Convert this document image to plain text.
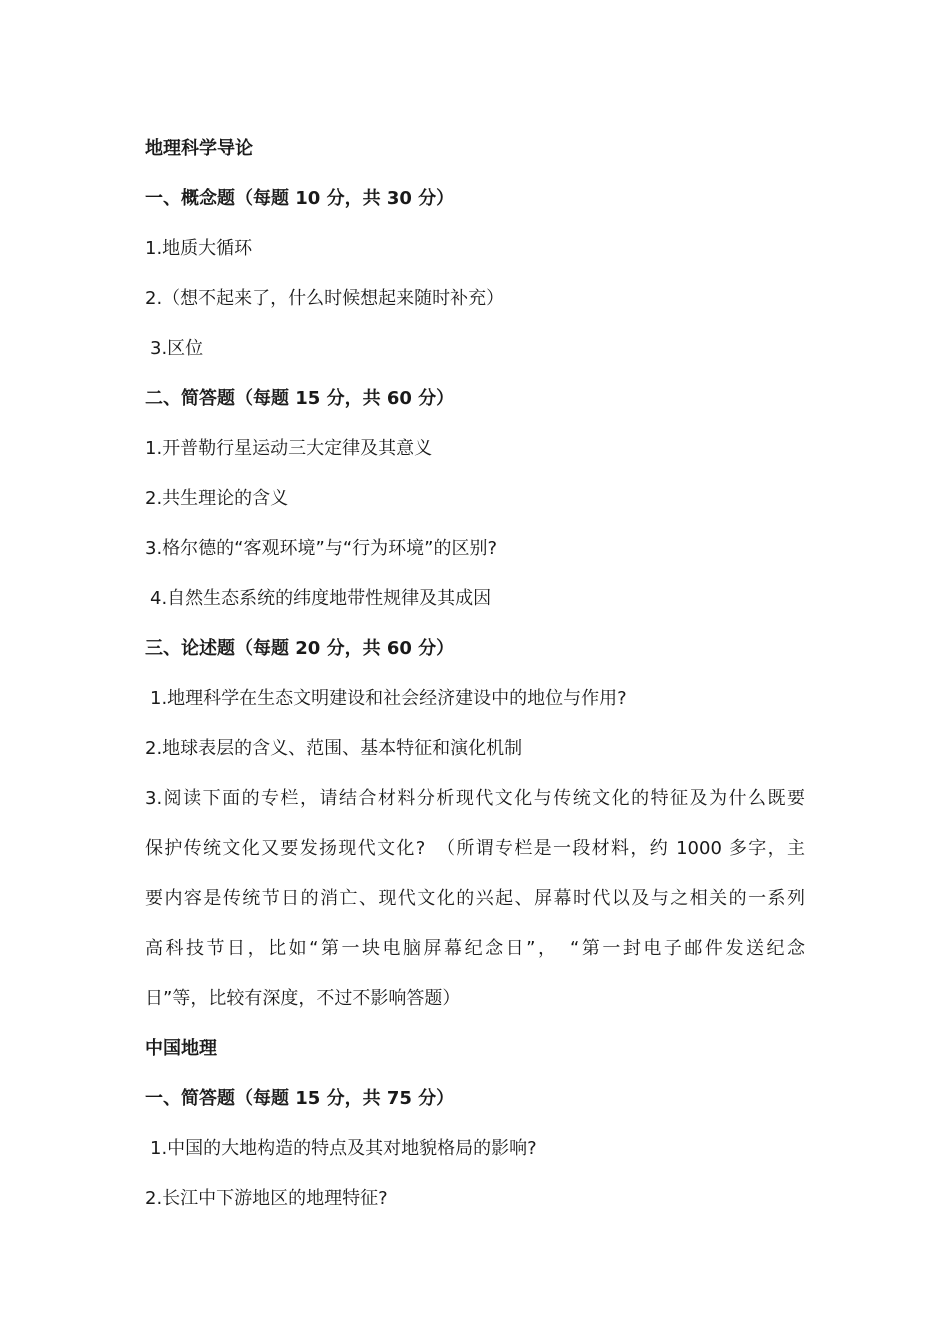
地理科学导论
一、概念题（每题 10 分，共 30 分）
1.地质大循环
2.（想不起来了，什么时候想起来随时补充）
3.区位
二、简答题（每题 15 分，共 60 分）
1.开普勒行星运动三大定律及其意义
2.共生理论的含义
3.格尔德的“客观环境”与“行为环境”的区别?
4.自然生态系统的纬度地带性规律及其成因
三、论述题（每题 20 分，共 60 分）
1.地理科学在生态文明建设和社会经济建设中的地位与作用?
2.地球表层的含义、范围、基本特征和演化机制
3.阅读下面的专栏，请结合材料分析现代文化与传统文化的特征及为什么既要
保护传统文化又要发扬现代文化?　（所谓专栏是一段材料，约 1000 多字，主
要内容是传统节日的消亡、现代文化的兴起、屏幕时代以及与之相关的一系列
高科技节日，比如“第一块电脑屏幕纪念日”，　“第一封电子邮件发送纪念
日”等，比较有深度，不过不影响答题）
中国地理
一、简答题（每题 15 分，共 75 分）
1.中国的大地构造的特点及其对地貌格局的影响?
2.长江中下游地区的地理特征?
